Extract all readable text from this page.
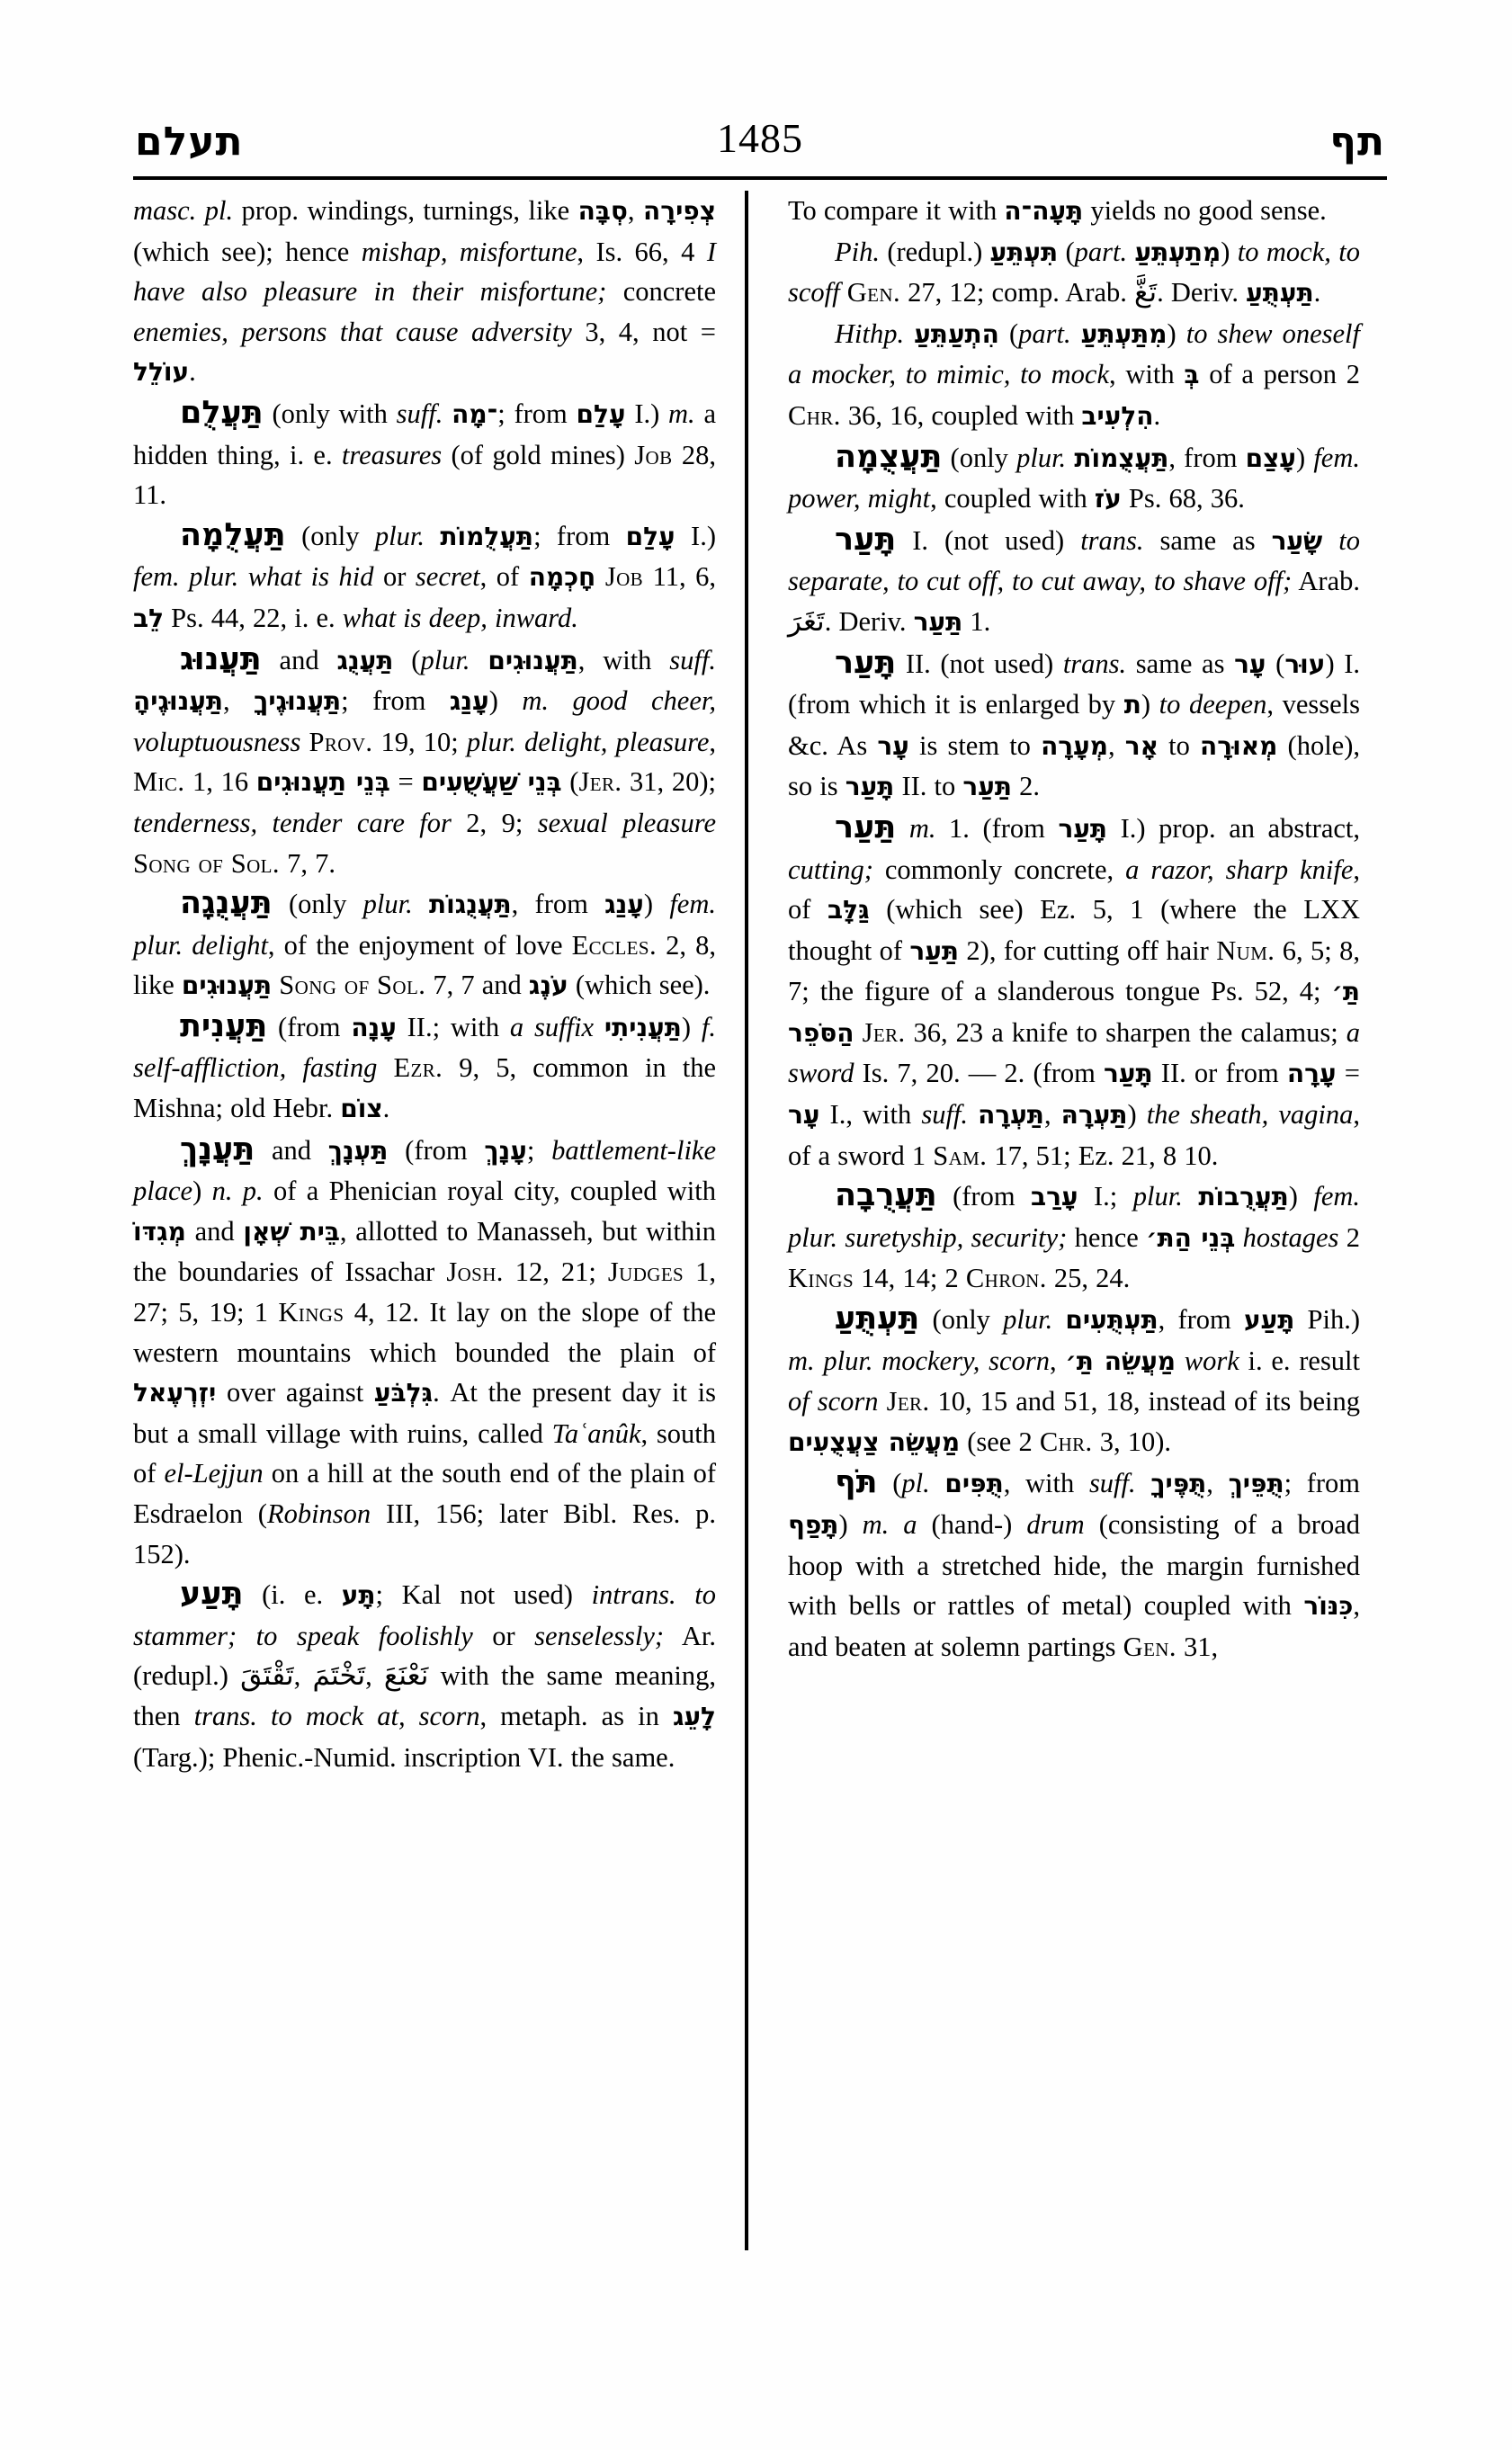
תעלם	1485	תף

masc. pl. prop. windings, turnings, like סְבָּה, צְפִירָה (which see); hence mishap, misfortune, Is. 66, 4 I have also pleasure in their misfortune; concrete enemies, persons that cause adversity 3, 4, not = עוֹלֵל.

תַּעֲלֻם (only with suff. ־מָה; from עָלַם I.) m. a hidden thing, i. e. treasures (of gold mines) Job 28, 11.

תַּעֲלֻמָה (only plur. תַּעֲלֻמוֹת; from עָלַם I.) fem. plur. what is hid or secret, of חָכְמָה Job 11, 6, לֵב Ps. 44, 22, i. e. what is deep, inward.

תַּעֲנוּג and תַּעֲנֻג (plur. תַּעֲנוּגִים, with suff. תַּעֲנוּגֶיהָ, תַּעֲנוּגֶיךָ; from עָנַג) m. good cheer, voluptuousness Prov. 19, 10; plur. delight, pleasure, Mic. 1, 16 בְּנֵי תַעֲנוּגִים = בְּנֵי שַׁעֲשֻׁעִים (Jer. 31, 20); tenderness, tender care for 2, 9; sexual pleasure Song of Sol. 7, 7.

תַּעֲנֻגָה (only plur. תַּעֲנֻגוֹת, from עָנַג) fem. plur. delight, of the enjoyment of love Eccles. 2, 8, like תַּעֲנוּגִים Song of Sol. 7, 7 and עֹנֶג (which see).

תַּעֲנִית (from עָנָה II.; with a suffix תַּעֲנִיתִי) f. self-affliction, fasting Ezr. 9, 5, common in the Mishna; old Hebr. צוֹם.

תַּעֲנָךְ and תַּעְנָךְ (from עָנָךְ; battlement-like place) n. p. of a Phenician royal city, coupled with מְגִדּוֹ and בֵּית שְׁאָן, allotted to Manasseh, but within the boundaries of Issachar Josh. 12, 21; Judges 1, 27; 5, 19; 1 Kings 4, 12. It lay on the slope of the western mountains which bounded the plain of יִזְרְעֶאל over against גִּלְבֹּעַ. At the present day it is but a small village with ruins, called Taʿanûk, south of el-Lejjun on a hill at the south end of the plain of Esdraelon (Robinson III, 156; later Bibl. Res. p. 152).

תָּעַע (i. e. תָּע; Kal not used) intrans. to stammer; to speak foolishly or senselessly; Ar. (redupl.) تَقْتَقَ, تَخْتَمَ, نَعْنَعَ with the same meaning, then trans. to mock at, scorn, metaph. as in לָעֵג (Targ.); Phenic.-Numid. inscription VI. the same.

To compare it with תָּעָה־ה yields no good sense.

Pih. (redupl.) תִּעְתֵּעַ (part. מְתַעְתֵּעַ) to mock, to scoff Gen. 27, 12; comp. Arab. تَغَّ. Deriv. תַּעְתֻּעַ.

Hithp. הִתְעַתֵּעַ (part. מִתַּעְתֵּעַ) to shew oneself a mocker, to mimic, to mock, with בְּ of a person 2 Chr. 36, 16, coupled with הִלְעִיב.

תַּעֲצֻמָה (only plur. תַּעֲצֻמוֹת, from עָצַם) fem. power, might, coupled with עֹז Ps. 68, 36.

תָּעַר I. (not used) trans. same as שָׂעַר to separate, to cut off, to cut away, to shave off; Arab. تَغَرَ. Deriv. תַּעַר 1.

תָּעַר II. (not used) trans. same as עָר (עוּר) I. (from which it is enlarged by ת) to deepen, vessels &c. As עָר is stem to מְעָרָה, אָר to מְאוּרָה (hole), so is תָּעַר II. to תַּעַר 2.

תַּעַר m. 1. (from תָּעַר I.) prop. an abstract, cutting; commonly concrete, a razor, sharp knife, of גַּלָּב (which see) Ez. 5, 1 (where the LXX thought of תַּעַר 2), for cutting off hair Num. 6, 5; 8, 7; the figure of a slanderous tongue Ps. 52, 4; תַּ׳ הַסֹּפֵר Jer. 36, 23 a knife to sharpen the calamus; a sword Is. 7, 20. — 2. (from תָּעַר II. or from עָרָה = עָר I., with suff. תַּעְרָה, תַּעְרָהּ) the sheath, vagina, of a sword 1 Sam. 17, 51; Ez. 21, 8 10.

תַּעֲרֻבָה (from עָרַב I.; plur. תַּעֲרֻבוֹת) fem. plur. suretyship, security; hence בְּנֵי הַתּ׳ hostages 2 Kings 14, 14; 2 Chron. 25, 24.

תַּעְתֻּעַ (only plur. תַּעְתֻּעִים, from תָּעַע Pih.) m. plur. mockery, scorn, מַעֲשֵׂה תַּ׳ work i. e. result of scorn Jer. 10, 15 and 51, 18, instead of its being מַעֲשֵׂה צַעֲצֻעִים (see 2 Chr. 3, 10).

תֹּף (pl. תֻּפִּים, with suff. תֻּפֶּיךָ, תֻּפֵּיךְ; from תָּפַף) m. a (hand-) drum (consisting of a broad hoop with a stretched hide, the margin furnished with bells or rattles of metal) coupled with כִּנּוֹר, and beaten at solemn partings Gen. 31,
